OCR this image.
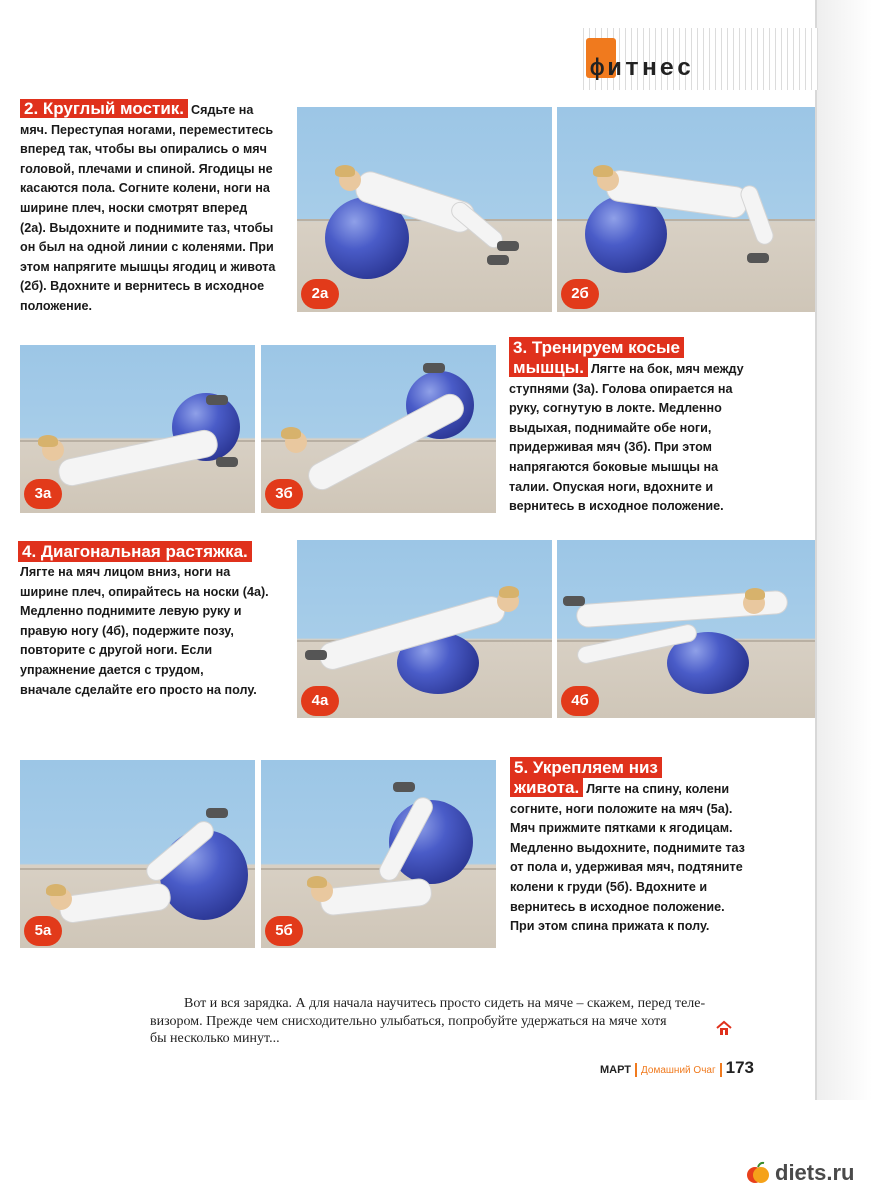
фитнес
2. Круглый мостик. Сядьте на
мяч. Переступая ногами, переместитесь
вперед так, чтобы вы опирались о мяч
головой, плечами и спиной. Ягодицы не
касаются пола. Согните колени, ноги на
ширине плеч, носки смотрят вперед
(2а). Выдохните и поднимите таз, чтобы
он был на одной линии с коленями. При
этом напрягите мышцы ягодиц и живота
(2б). Вдохните и вернитесь в исходное
положение.
2а	2б
3а	3б
3. Тренируем косые
мышцы. Лягте на бок, мяч между
ступнями (3а). Голова опирается на
руку, согнутую в локте. Медленно
выдыхая, поднимайте обе ноги,
придерживая мяч (3б). При этом
напрягаются боковые мышцы на
талии. Опуская ноги, вдохните и
вернитесь в исходное положение.
4. Диагональная растяжка.
Лягте на мяч лицом вниз, ноги на
ширине плеч, опирайтесь на носки (4а).
Медленно поднимите левую руку и
правую ногу (4б), подержите позу,
повторите с другой ноги. Если
упражнение дается с трудом,
вначале сделайте его просто на полу.
4а	4б
5а	5б
5. Укрепляем низ
живота. Лягте на спину, колени
согните, ноги положите на мяч (5а).
Мяч прижмите пятками к ягодицам.
Медленно выдохните, поднимите таз
от пола и, удерживая мяч, подтяните
колени к груди (5б). Вдохните и
вернитесь в исходное положение.
При этом спина прижата к полу.
Вот и вся зарядка. А для начала научитесь просто сидеть на мяче – скажем, перед теле-
визором. Прежде чем снисходительно улыбаться, попробуйте удержаться на мяче хотя
бы несколько минут...
МАРТ Домашний Очаг 173
diets.ru
